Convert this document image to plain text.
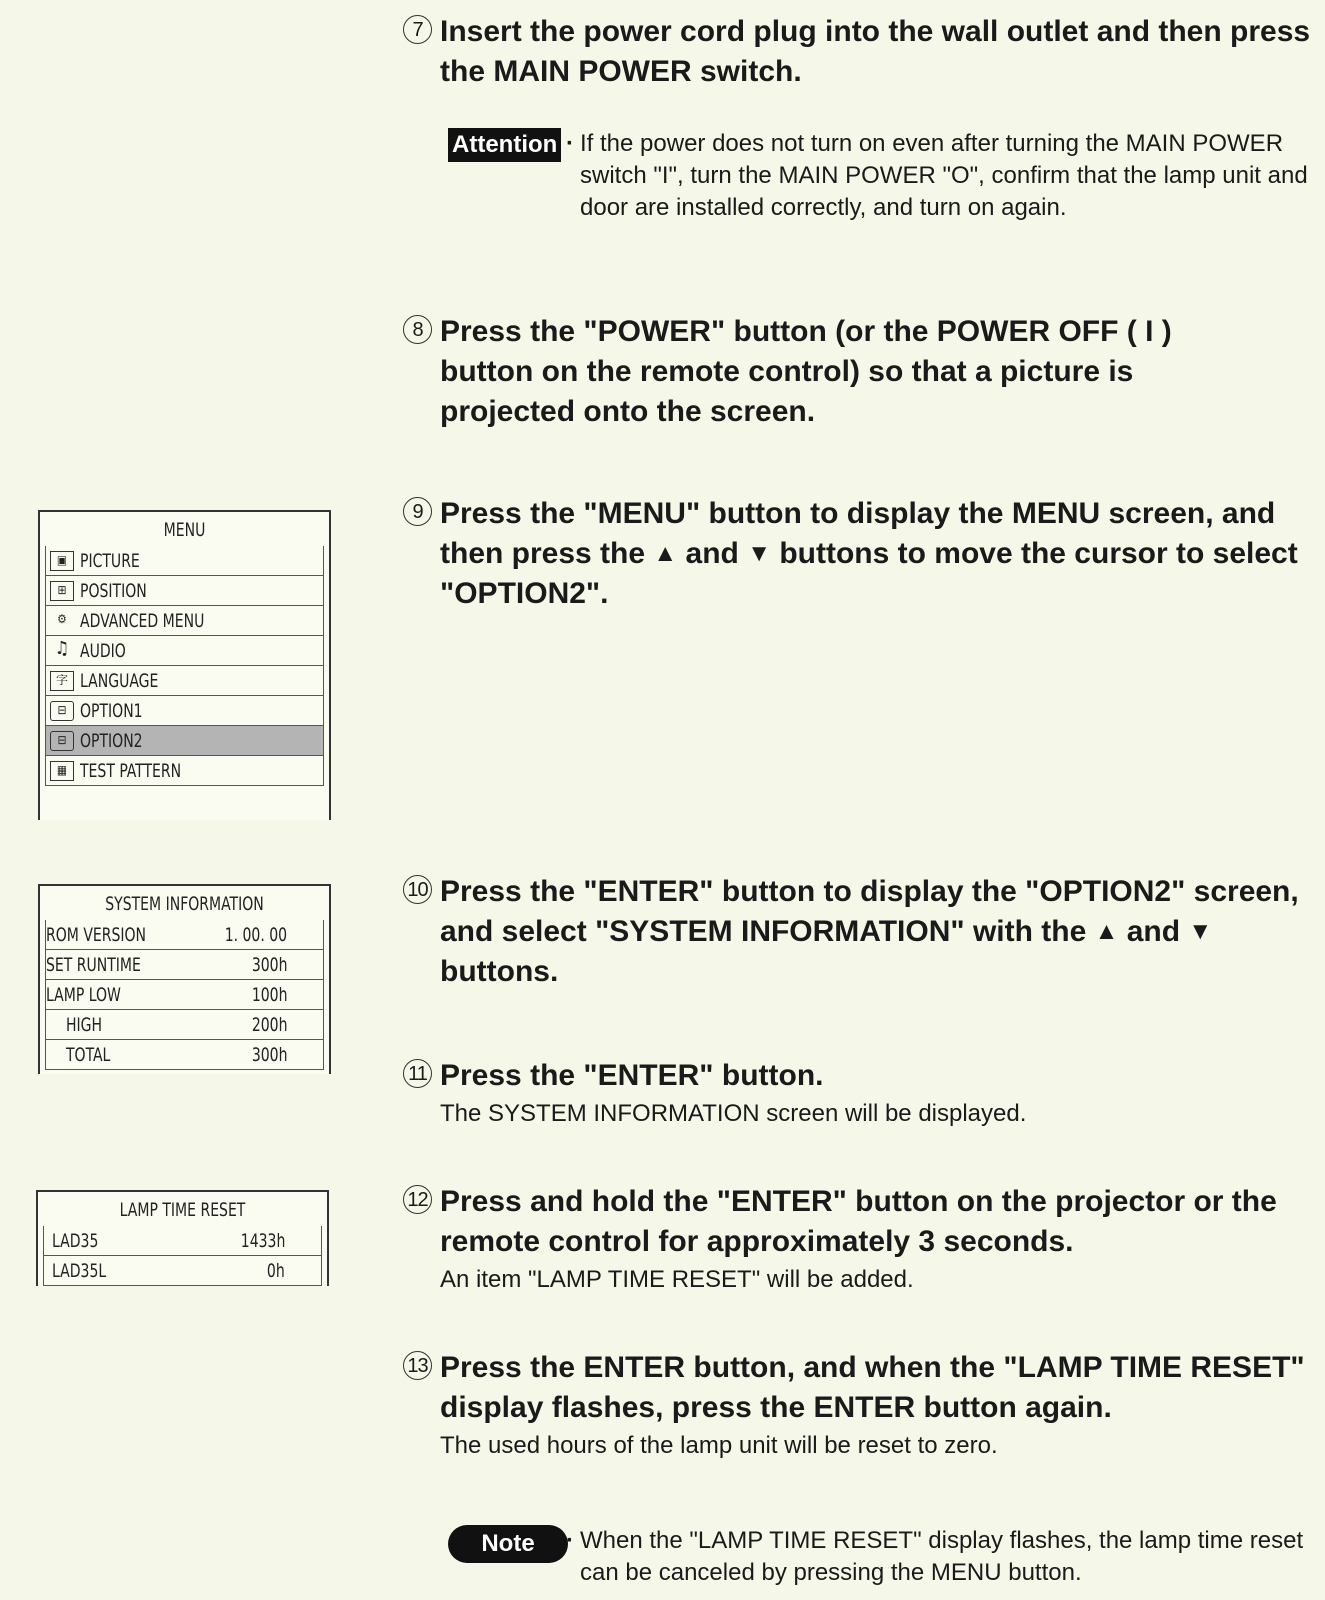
7 Insert the power cord plug into the wall outlet and then press the MAIN POWER switch.
Attention · If the power does not turn on even after turning the MAIN POWER switch "I", turn the MAIN POWER "O", confirm that the lamp unit and door are installed correctly, and turn on again.
8 Press the "POWER" button (or the POWER OFF ( I ) button on the remote control) so that a picture is projected onto the screen.
9 Press the "MENU" button to display the MENU screen, and then press the ▲ and ▼ buttons to move the cursor to select "OPTION2".
10 Press the "ENTER" button to display the "OPTION2" screen, and select "SYSTEM INFORMATION" with the ▲ and ▼ buttons.
11 Press the "ENTER" button.
The SYSTEM INFORMATION screen will be displayed.
12 Press and hold the "ENTER" button on the projector or the remote control for approximately 3 seconds.
An item "LAMP TIME RESET" will be added.
13 Press the ENTER button, and when the "LAMP TIME RESET" display flashes, press the ENTER button again.
The used hours of the lamp unit will be reset to zero.
Note	· When the "LAMP TIME RESET" display flashes, the lamp time reset can be canceled by pressing the MENU button.
MENU
▣ PICTURE
⊞ POSITION
⚙ ADVANCED MENU
♫ AUDIO
字 LANGUAGE
⊟ OPTION1
⊟ OPTION2
▦ TEST PATTERN
SYSTEM INFORMATION
ROM VERSION	1. 00. 00
SET RUNTIME	300h
LAMP LOW	100h
HIGH	200h
TOTAL	300h
LAMP TIME RESET
LAD35	1433h
LAD35L	0h
